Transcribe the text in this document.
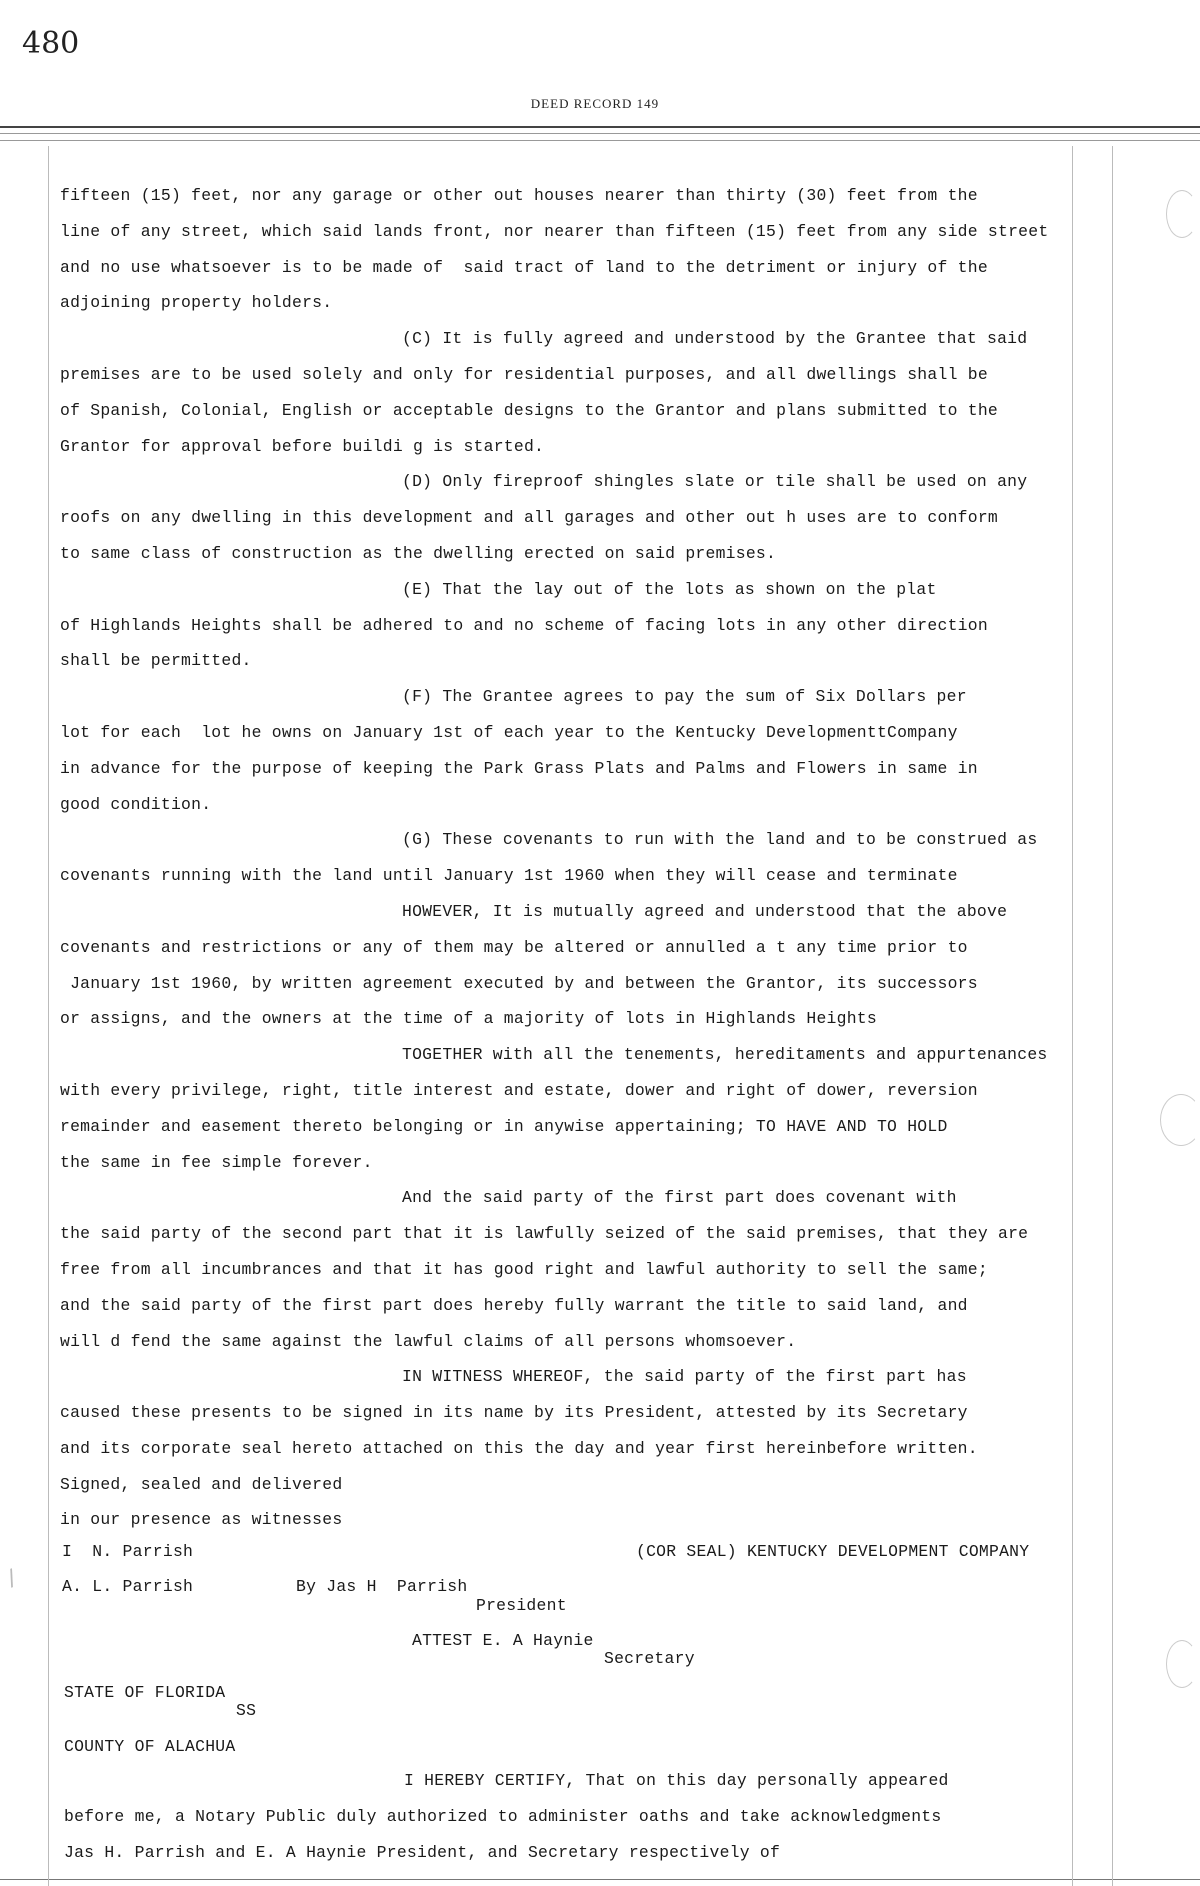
480
DEED RECORD 149
/
fifteen (15) feet, nor any garage or other out houses nearer than thirty (30) feet from the
line of any street, which said lands front, nor nearer than fifteen (15) feet from any side street
and no use whatsoever is to be made of  said tract of land to the detriment or injury of the
adjoining property holders.
(C) It is fully agreed and understood by the Grantee that said
premises are to be used solely and only for residential purposes, and all dwellings shall be
of Spanish, Colonial, English or acceptable designs to the Grantor and plans submitted to the
Grantor for approval before buildi g is started.
(D) Only fireproof shingles slate or tile shall be used on any
roofs on any dwelling in this development and all garages and other out h uses are to conform
to same class of construction as the dwelling erected on said premises.
(E) That the lay out of the lots as shown on the plat
of Highlands Heights shall be adhered to and no scheme of facing lots in any other direction
shall be permitted.
(F) The Grantee agrees to pay the sum of Six Dollars per
lot for each  lot he owns on January 1st of each year to the Kentucky DevelopmenttCompany
in advance for the purpose of keeping the Park Grass Plats and Palms and Flowers in same in
good condition.
(G) These covenants to run with the land and to be construed as
covenants running with the land until January 1st 1960 when they will cease and terminate
HOWEVER, It is mutually agreed and understood that the above
covenants and restrictions or any of them may be altered or annulled a t any time prior to
January 1st 1960, by written agreement executed by and between the Grantor, its successors
or assigns, and the owners at the time of a majority of lots in Highlands Heights
TOGETHER with all the tenements, hereditaments and appurtenances
with every privilege, right, title interest and estate, dower and right of dower, reversion
remainder and easement thereto belonging or in anywise appertaining; TO HAVE AND TO HOLD
the same in fee simple forever.
And the said party of the first part does covenant with
the said party of the second part that it is lawfully seized of the said premises, that they are
free from all incumbrances and that it has good right and lawful authority to sell the same;
and the said party of the first part does hereby fully warrant the title to said land, and
will d fend the same against the lawful claims of all persons whomsoever.
IN WITNESS WHEREOF, the said party of the first part has
caused these presents to be signed in its name by its President, attested by its Secretary
and its corporate seal hereto attached on this the day and year first hereinbefore written.
Signed, sealed and delivered
in our presence as witnesses
I  N. Parrish	(COR SEAL) KENTUCKY DEVELOPMENT COMPANY
A. L. Parrish	By Jas H  Parrish
President
ATTEST E. A Haynie
Secretary
STATE OF FLORIDA
SS
COUNTY OF ALACHUA
I HEREBY CERTIFY, That on this day personally appeared
before me, a Notary Public duly authorized to administer oaths and take acknowledgments
Jas H. Parrish and E. A Haynie President, and Secretary respectively of
